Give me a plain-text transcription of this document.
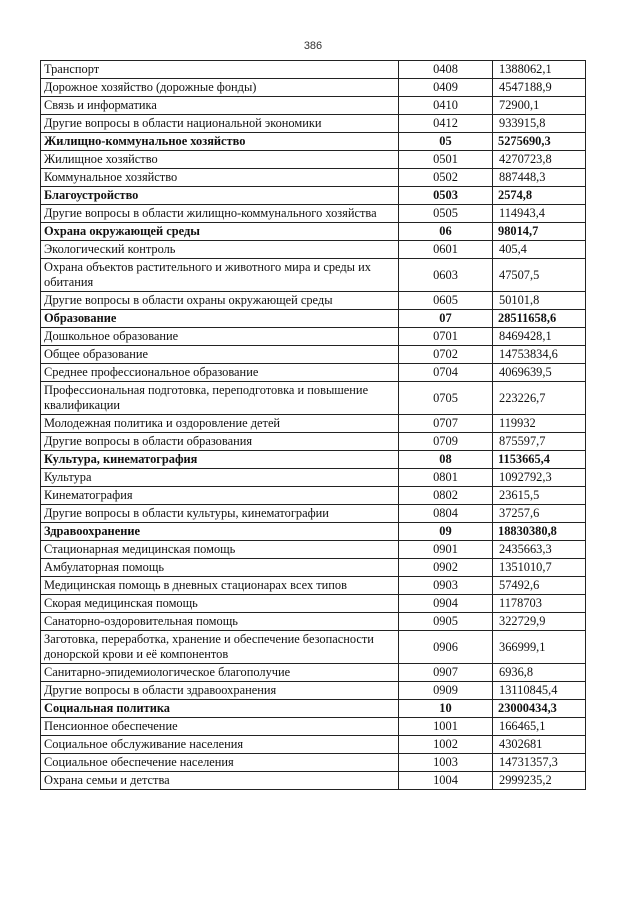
386
Транспорт	0408	1388062,1
Дорожное хозяйство (дорожные фонды)	0409	4547188,9
Связь и информатика	0410	72900,1
Другие вопросы в области национальной экономики	0412	933915,8
Жилищно-коммунальное хозяйство	05	5275690,3
Жилищное хозяйство	0501	4270723,8
Коммунальное хозяйство	0502	887448,3
Благоустройство	0503	2574,8
Другие вопросы в области жилищно-коммунального хозяйства	0505	114943,4
Охрана окружающей среды	06	98014,7
Экологический контроль	0601	405,4
Охрана объектов растительного и животного мира и среды их обитания	0603	47507,5
Другие вопросы в области охраны окружающей среды	0605	50101,8
Образование	07	28511658,6
Дошкольное образование	0701	8469428,1
Общее образование	0702	14753834,6
Среднее профессиональное образование	0704	4069639,5
Профессиональная подготовка, переподготовка и повышение квалификации	0705	223226,7
Молодежная политика и оздоровление детей	0707	119932
Другие вопросы в области образования	0709	875597,7
Культура, кинематография	08	1153665,4
Культура	0801	1092792,3
Кинематография	0802	23615,5
Другие вопросы в области культуры, кинематографии	0804	37257,6
Здравоохранение	09	18830380,8
Стационарная медицинская помощь	0901	2435663,3
Амбулаторная помощь	0902	1351010,7
Медицинская помощь в дневных стационарах всех типов	0903	57492,6
Скорая медицинская помощь	0904	1178703
Санаторно-оздоровительная помощь	0905	322729,9
Заготовка, переработка, хранение и обеспечение безопасности донорской крови и её компонентов	0906	366999,1
Санитарно-эпидемиологическое благополучие	0907	6936,8
Другие вопросы в области здравоохранения	0909	13110845,4
Социальная политика	10	23000434,3
Пенсионное обеспечение	1001	166465,1
Социальное обслуживание населения	1002	4302681
Социальное обеспечение населения	1003	14731357,3
Охрана семьи и детства	1004	2999235,2
